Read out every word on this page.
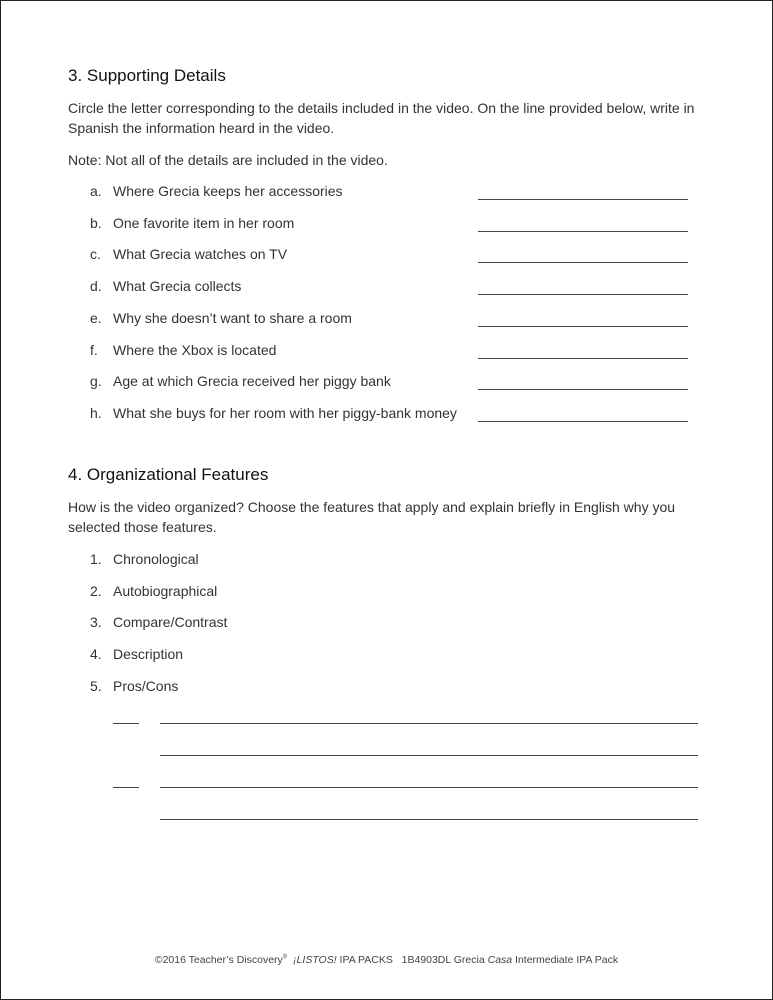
3. Supporting Details
Circle the letter corresponding to the details included in the video. On the line provided below, write in Spanish the information heard in the video.
Note: Not all of the details are included in the video.
a. Where Grecia keeps her accessories
b. One favorite item in her room
c. What Grecia watches on TV
d. What Grecia collects
e. Why she doesn’t want to share a room
f. Where the Xbox is located
g. Age at which Grecia received her piggy bank
h. What she buys for her room with her piggy-bank money
4. Organizational Features
How is the video organized? Choose the features that apply and explain briefly in English why you selected those features.
1. Chronological
2. Autobiographical
3. Compare/Contrast
4. Description
5. Pros/Cons
©2016 Teacher’s Discovery® ¡LISTOS! IPA PACKS   1B4903DL Grecia Casa Intermediate IPA Pack
